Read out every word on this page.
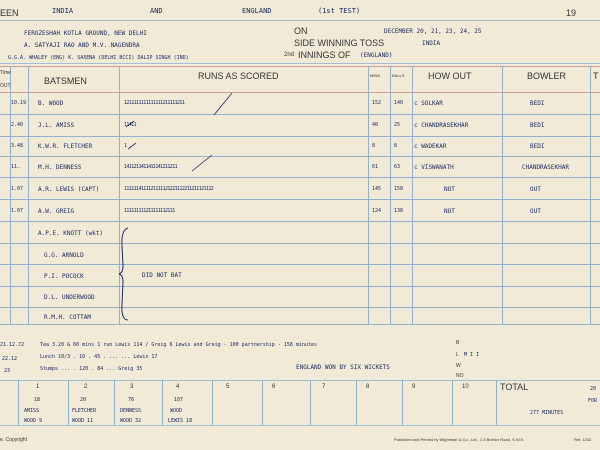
EEN	19
INDIA	AND	ENGLAND	(1st TEST)
FEROZESHAH KOTLA GROUND, NEW DELHI	ON	DECEMBER 20, 21, 23, 24, 25
A. SATYAJI RAO AND M.V. NAGENDRA	SIDE WINNING TOSS	INDIA
G.G.A. WHALEY (ENG) K. SAXENA (DELHI BCCI) DALIP SINGH (IND)	2nd INNINGS OF (ENGLAND)
Time
OUT	BATSMEN	RUNS AS SCORED	MINS	BALLS	HOW OUT	BOWLER	T
10.19 B. WOOD	1211111111111111211111211	152	140 c SOLKAR	BEDI
2.40 J.L. AMISS	11411	40	25 c CHANDRASEKHAR	BEDI
3.48 K.W.R. FLETCHER	1	8	8	c WADEKAR	BEDI
11.	M.H. DENNESS	1411211411411141211211	61	63 c VISWANATH	CHANDRASEKHAR
1.07 A.R. LEWIS (CAPT)	1111114111121111121221112211211121112	145	158	NOT	OUT
1.07 A.W. GREIG	111111111211111112111	124	138	NOT	OUT
A.P.E. KNOTT (wkt)
G.G. ARNOLD
P.I. POCOCK
D.L. UNDERWOOD
R.M.H. COTTAM
DID NOT BAT
21.12.72
22.12
23
Tea 3.20 & 60 mins 1 run Lewis 114 / Greig 6 Lewis and Greig - 100 partnership - 158 minutes
Lunch 10/3 . 10 . 45 . ... ... Lewis 17
Stumps ... . 120 . 84 ... Greig 35	ENGLAND WON BY SIX WICKETS
B
L M I I
W
NO
1	2	3	4	5	6	7	8	9	10
18	20	76	107
AMISS	FLETCHER	DENNESS	WOOD
WOOD 9	WOOD 11	WOOD 32	LEWIS 18
TOTAL	20
FOR
277 MINUTES
e. Copyright	Published and Printed by Wightman & Co., Ltd., 1-3 Brixton Road, S.W.9.	Ref. 1242
